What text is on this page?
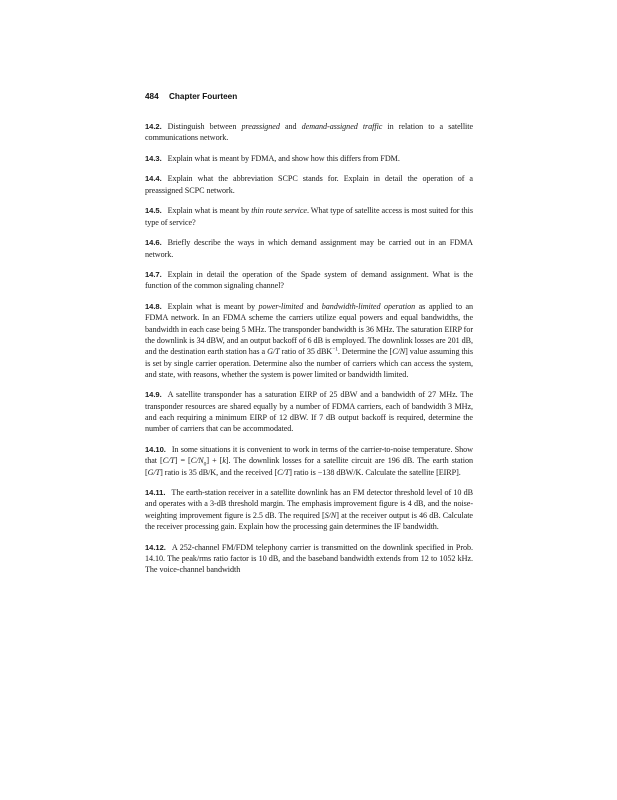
484 Chapter Fourteen

14.2. Distinguish between preassigned and demand-assigned traffic in relation to a satellite communications network.

14.3. Explain what is meant by FDMA, and show how this differs from FDM.

14.4. Explain what the abbreviation SCPC stands for. Explain in detail the operation of a preassigned SCPC network.

14.5. Explain what is meant by thin route service. What type of satellite access is most suited for this type of service?

14.6. Briefly describe the ways in which demand assignment may be carried out in an FDMA network.

14.7. Explain in detail the operation of the Spade system of demand assignment. What is the function of the common signaling channel?

14.8. Explain what is meant by power-limited and bandwidth-limited operation as applied to an FDMA network. In an FDMA scheme the carriers utilize equal powers and equal bandwidths, the bandwidth in each case being 5 MHz. The transponder bandwidth is 36 MHz. The saturation EIRP for the downlink is 34 dBW, and an output backoff of 6 dB is employed. The downlink losses are 201 dB, and the destination earth station has a G/T ratio of 35 dBK$^{-1}$. Determine the [C/N] value assuming this is set by single carrier operation. Determine also the number of carriers which can access the system, and state, with reasons, whether the system is power limited or bandwidth limited.

14.9. A satellite transponder has a saturation EIRP of 25 dBW and a bandwidth of 27 MHz. The transponder resources are shared equally by a number of FDMA carriers, each of bandwidth 3 MHz, and each requiring a minimum EIRP of 12 dBW. If 7 dB output backoff is required, determine the number of carriers that can be accommodated.

14.10. In some situations it is convenient to work in terms of the carrier-to-noise temperature. Show that $[C/T] = [C/N_0] + [k]$. The downlink losses for a satellite circuit are 196 dB. The earth station [G/T] ratio is 35 dB/K, and the received [C/T] ratio is −138 dBW/K. Calculate the satellite [EIRP].

14.11. The earth-station receiver in a satellite downlink has an FM detector threshold level of 10 dB and operates with a 3-dB threshold margin. The emphasis improvement figure is 4 dB, and the noise-weighting improvement figure is 2.5 dB. The required [S/N] at the receiver output is 46 dB. Calculate the receiver processing gain. Explain how the processing gain determines the IF bandwidth.

14.12. A 252-channel FM/FDM telephony carrier is transmitted on the downlink specified in Prob. 14.10. The peak/rms ratio factor is 10 dB, and the baseband bandwidth extends from 12 to 1052 kHz. The voice-channel bandwidth
